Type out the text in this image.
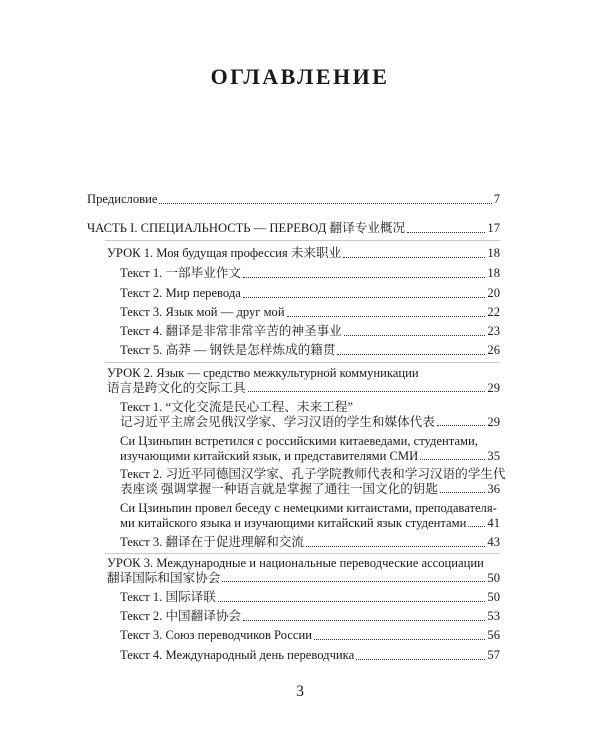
ОГЛАВЛЕНИЕ
Предисловие	7
ЧАСТЬ I. СПЕЦИАЛЬНОСТЬ — ПЕРЕВОД 翻译专业概况	17
УРОК 1. Моя будущая профессия 未来职业	18
Текст 1. 一部毕业作文	18
Текст 2. Мир перевода	20
Текст 3. Язык мой — друг мой	22
Текст 4. 翻译是非常非常辛苦的神圣事业	23
Текст 5. 高莽 — 钢铁是怎样炼成的籍贯	26
УРОК 2. Язык — средство межкультурной коммуникации
语言是跨文化的交际工具	29
Текст 1. “文化交流是民心工程、未来工程”
记习近平主席会见俄汉学家、学习汉语的学生和媒体代表	29
Си Цзиньпин встретился с российскими китаеведами, студентами,
изучающими китайский язык, и представителями СМИ	35
Текст 2. 习近平同德国汉学家、孔子学院教师代表和学习汉语的学生代
表座谈 强调掌握一种语言就是掌握了通往一国文化的钥匙	36
Си Цзиньпин провел беседу с немецкими китаистами, преподавателя-
ми китайского языка и изучающими китайский язык студентами 41
Текст 3. 翻译在于促进理解和交流	43
УРОК 3. Международные и национальные переводческие ассоциации
翻译国际和国家协会	50
Текст 1. 国际译联	50
Текст 2. 中国翻译协会	53
Текст 3. Союз переводчиков России	56
Текст 4. Международный день переводчика	57
3
